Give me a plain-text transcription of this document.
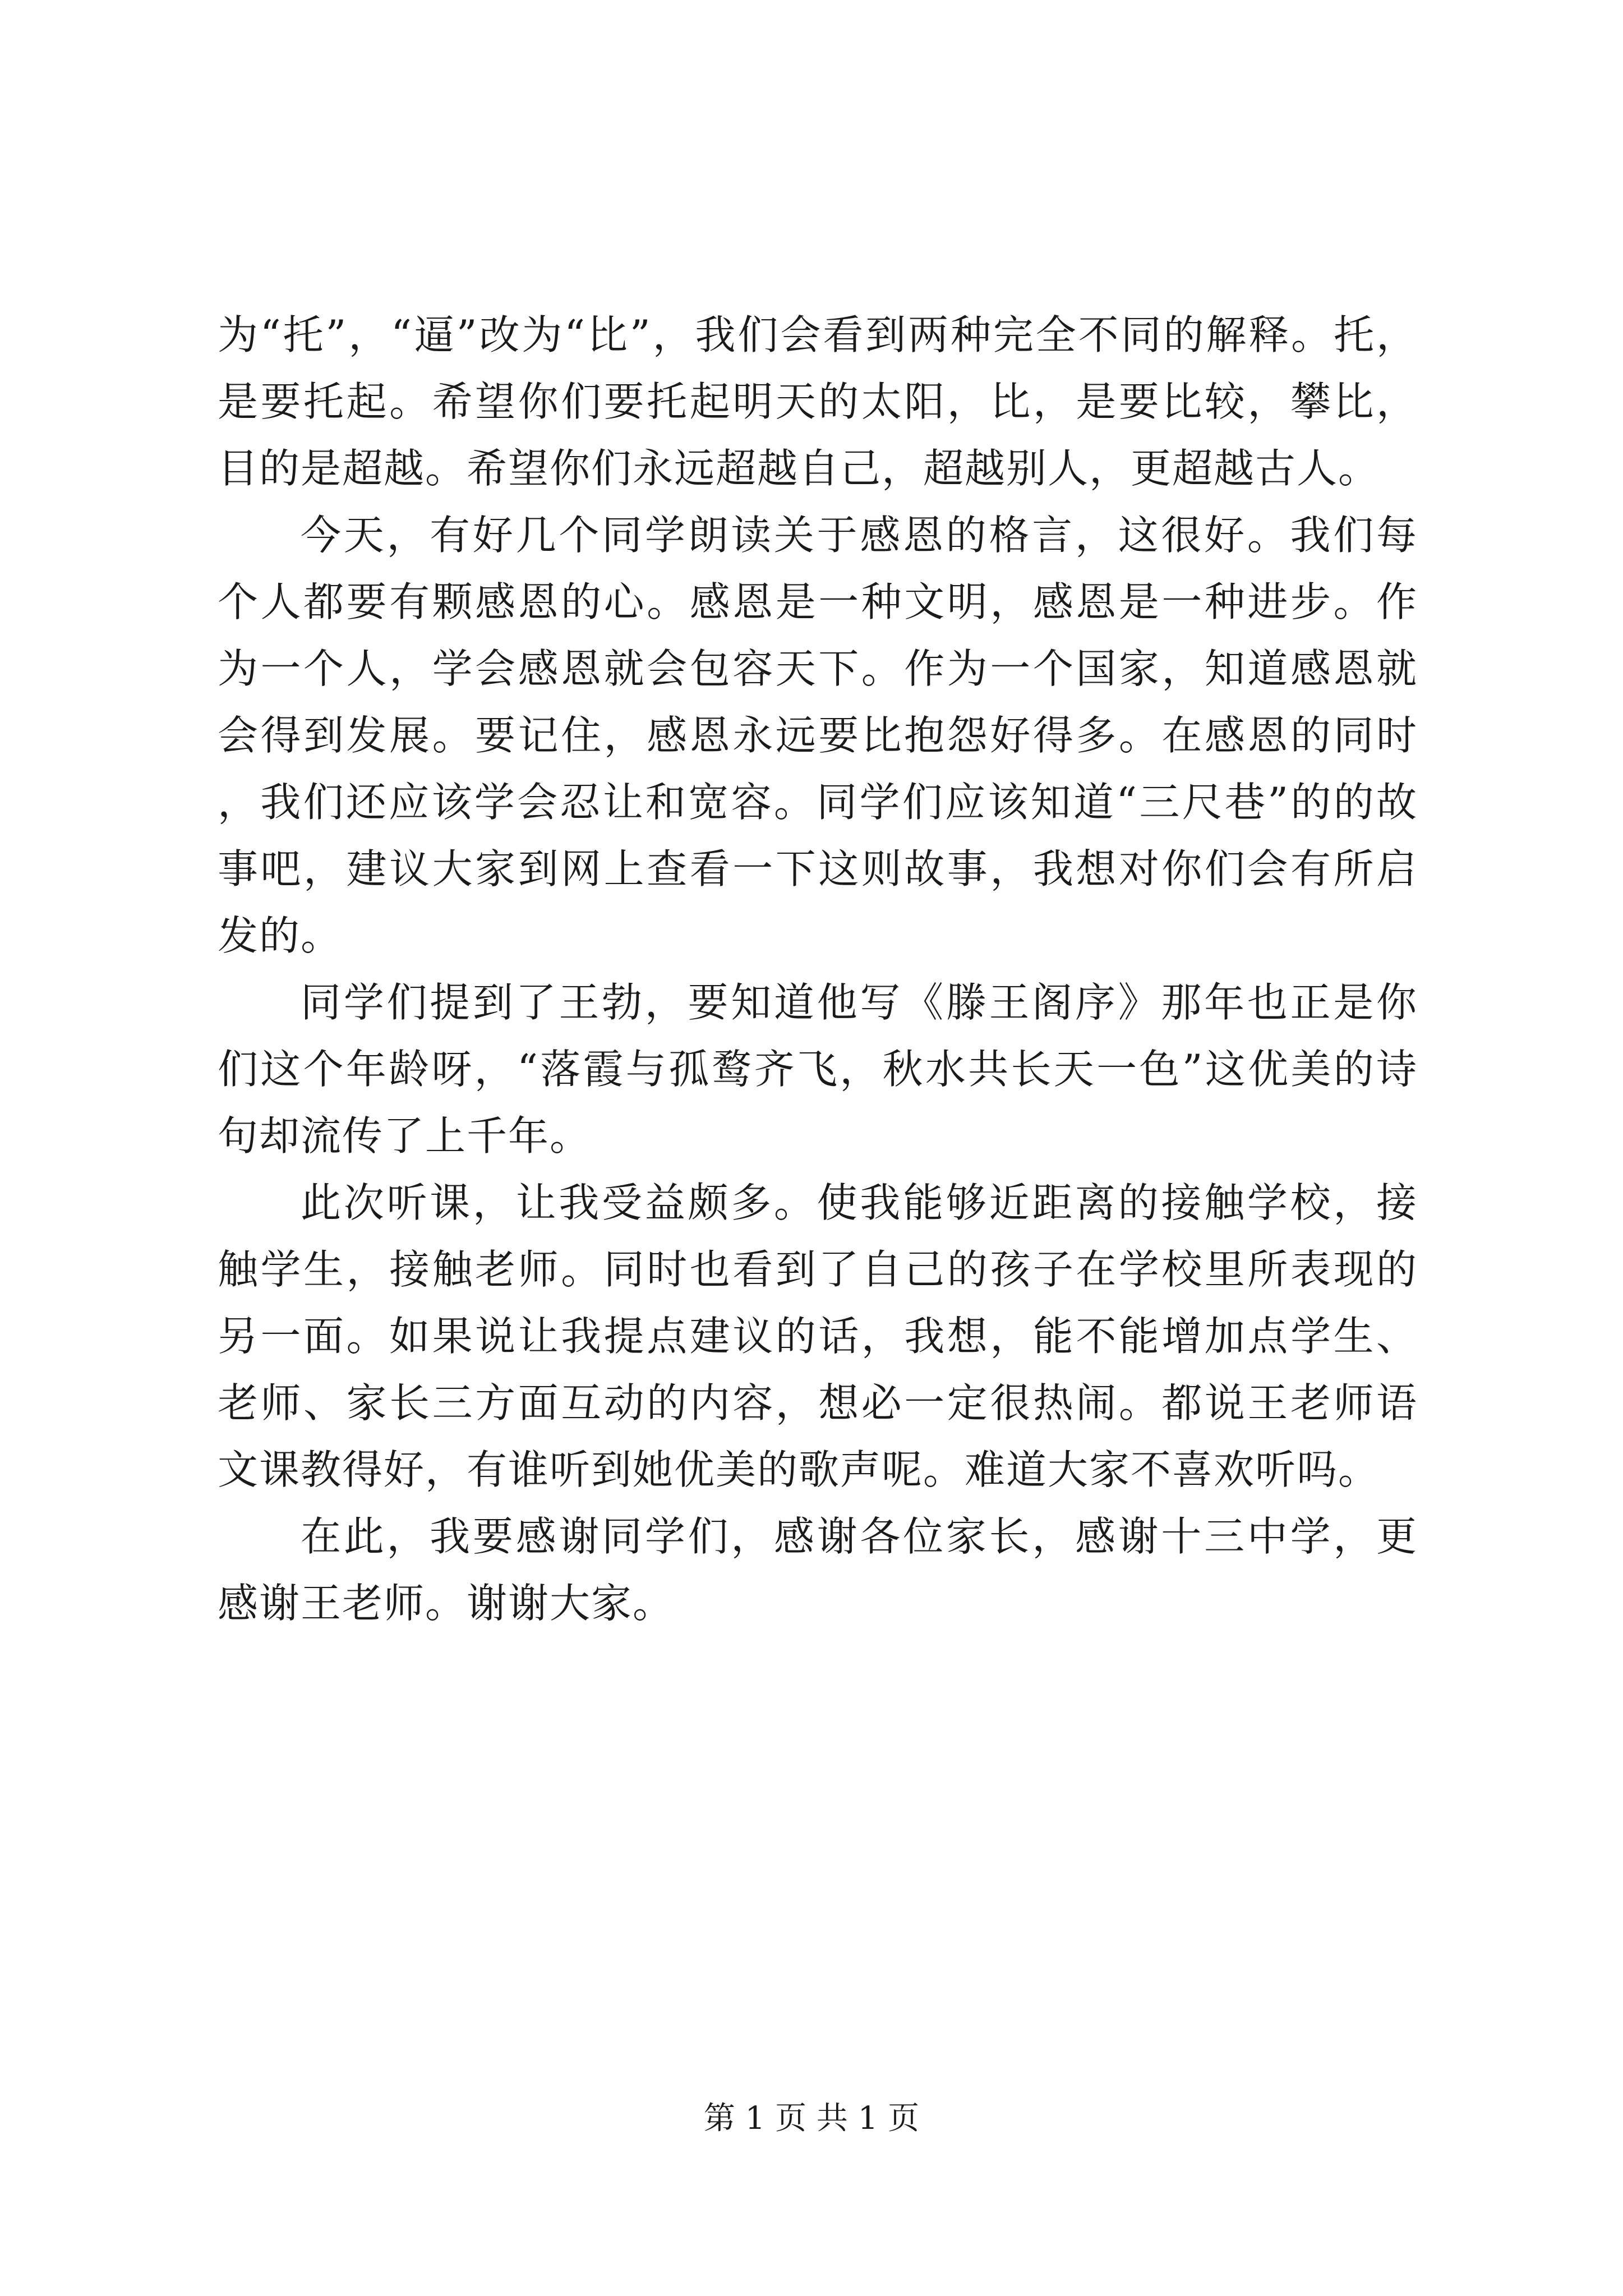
为“托”，“逼”改为“比”，我们会看到两种完全不同的解释。托，是要托起。希望你们要托起明天的太阳，比，是要比较，攀比，目的是超越。希望你们永远超越自己，超越别人，更超越古人。

今天，有好几个同学朗读关于感恩的格言，这很好。我们每个人都要有颗感恩的心。感恩是一种文明，感恩是一种进步。作为一个人，学会感恩就会包容天下。作为一个国家，知道感恩就会得到发展。要记住，感恩永远要比抱怨好得多。在感恩的同时，我们还应该学会忍让和宽容。同学们应该知道“三尺巷”的的故事吧，建议大家到网上查看一下这则故事，我想对你们会有所启发的。

同学们提到了王勃，要知道他写《滕王阁序》那年也正是你们这个年龄呀，“落霞与孤鹜齐飞，秋水共长天一色”这优美的诗句却流传了上千年。

此次听课，让我受益颇多。使我能够近距离的接触学校，接触学生，接触老师。同时也看到了自己的孩子在学校里所表现的另一面。如果说让我提点建议的话，我想，能不能增加点学生、老师、家长三方面互动的内容，想必一定很热闹。都说王老师语文课教得好，有谁听到她优美的歌声呢。难道大家不喜欢听吗。

在此，我要感谢同学们，感谢各位家长，感谢十三中学，更感谢王老师。谢谢大家。

第 1 页 共 1 页
